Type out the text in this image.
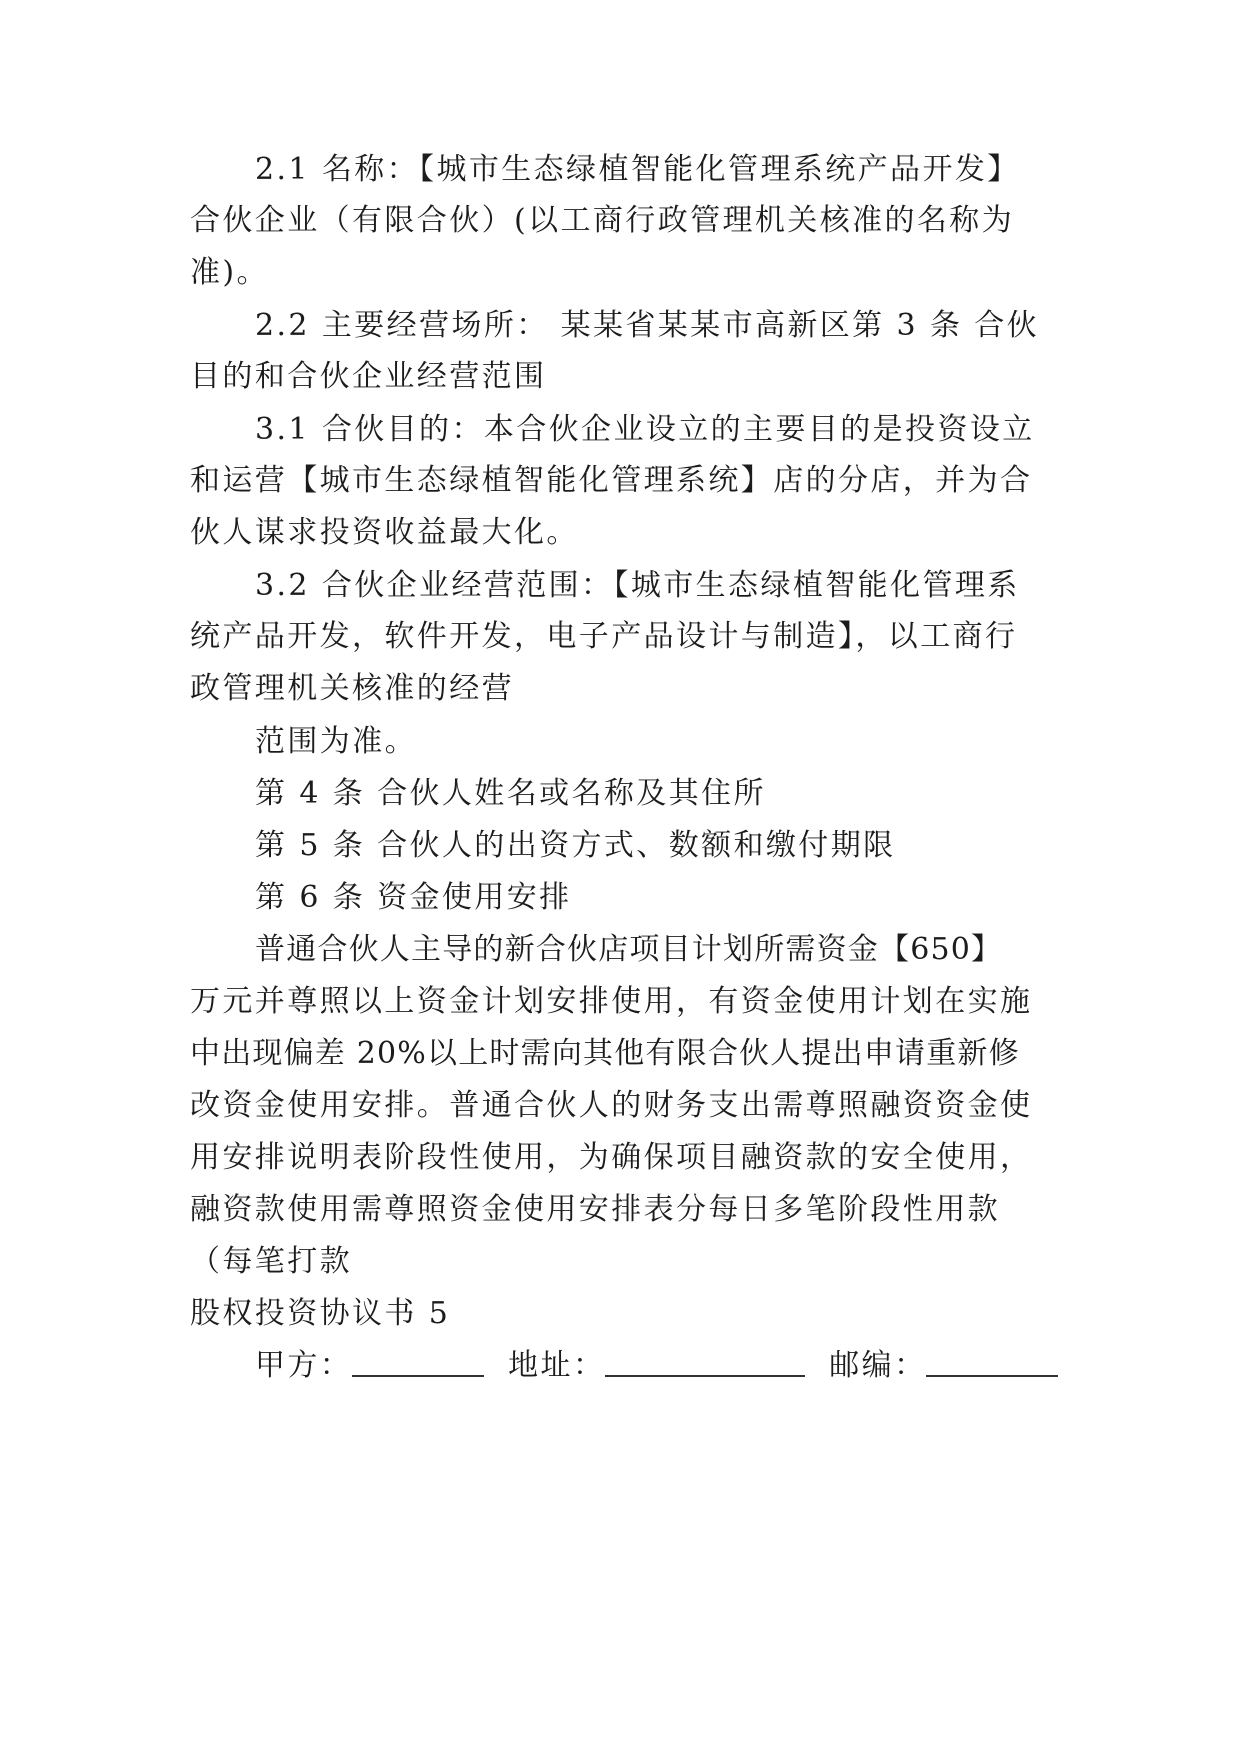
2.1 名称：【城市生态绿植智能化管理系统产品开发】
合伙企业（有限合伙）(以工商行政管理机关核准的名称为
准)。
2.2 主要经营场所： 某某省某某市高新区第 3 条 合伙
目的和合伙企业经营范围
3.1 合伙目的：本合伙企业设立的主要目的是投资设立
和运营【城市生态绿植智能化管理系统】店的分店，并为合
伙人谋求投资收益最大化。
3.2 合伙企业经营范围：【城市生态绿植智能化管理系
统产品开发，软件开发，电子产品设计与制造】，以工商行
政管理机关核准的经营
范围为准。
第 4 条 合伙人姓名或名称及其住所
第 5 条 合伙人的出资方式、数额和缴付期限
第 6 条 资金使用安排
普通合伙人主导的新合伙店项目计划所需资金【650】
万元并尊照以上资金计划安排使用，有资金使用计划在实施
中出现偏差 20%以上时需向其他有限合伙人提出申请重新修
改资金使用安排。普通合伙人的财务支出需尊照融资资金使
用安排说明表阶段性使用，为确保项目融资款的安全使用，
融资款使用需尊照资金使用安排表分每日多笔阶段性用款
（每笔打款
股权投资协议书 5
甲方：	地址：	邮编：
